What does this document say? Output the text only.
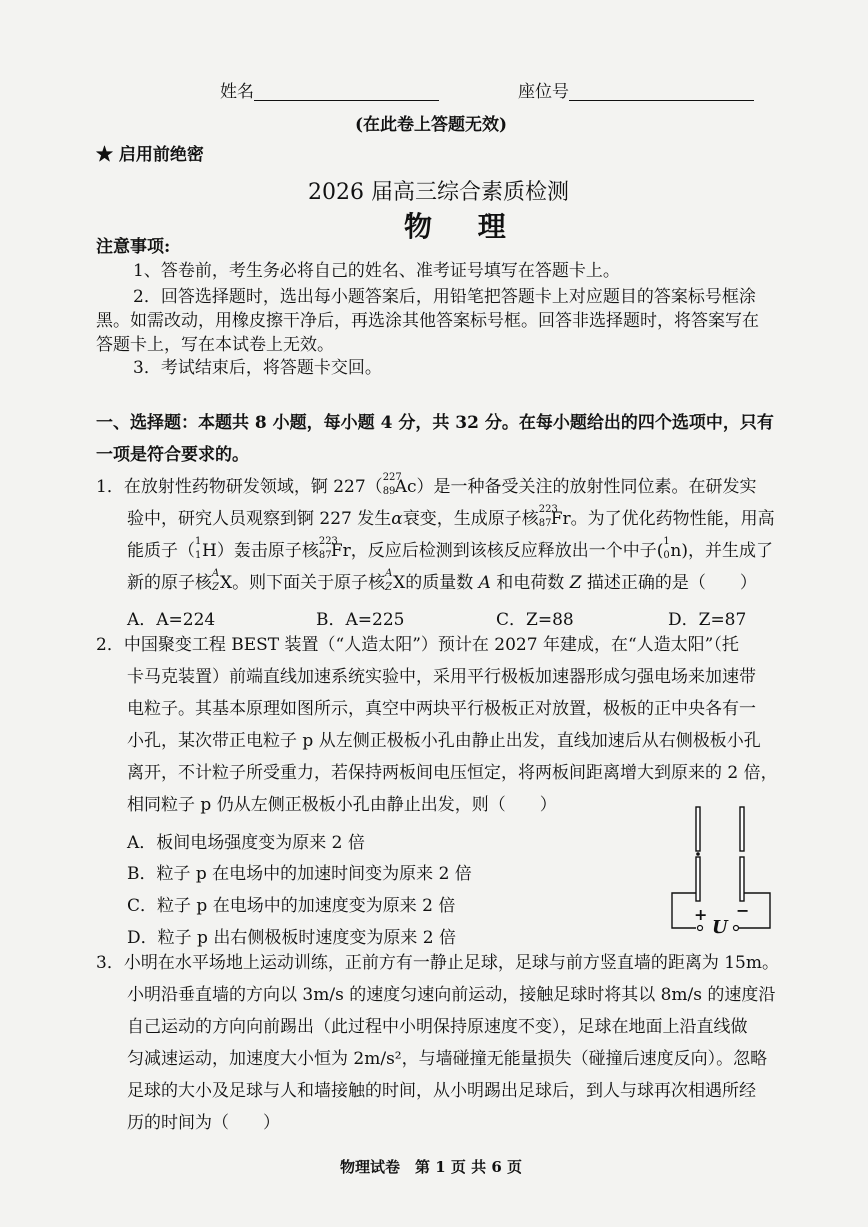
姓名	座位号
(在此卷上答题无效)
★ 启用前绝密
2026 届高三综合素质检测
物 理
注意事项:
1、答卷前，考生务必将自己的姓名、准考证号填写在答题卡上。
2．回答选择题时，选出每小题答案后，用铅笔把答题卡上对应题目的答案标号框涂
黑。如需改动，用橡皮擦干净后，再选涂其他答案标号框。回答非选择题时，将答案写在
答题卡上，写在本试卷上无效。
3．考试结束后，将答题卡交回。
一、选择题：本题共 8 小题，每小题 4 分，共 32 分。在每小题给出的四个选项中，只有
一项是符合要求的。
1．在放射性药物研发领域，锕 227（ 227
89 Ac）是一种备受关注的放射性同位素。在研发实
验中，研究人员观察到锕 227 发生α衰变，生成原子核 223
87 Fr。为了优化药物性能，用高
能质子（ 1
1 H）轰击原子核 223
87 Fr，反应后检测到该核反应释放出一个中子( 1
0 n)，并生成了
新的原子核 A
Z X。则下面关于原子核 A
Z X的质量数 A 和电荷数 Z 描述正确的是（　　）
A．A=224	B．A=225	C．Z=88	D．Z=87
2．中国聚变工程 BEST 装置（“人造太阳”）预计在 2027 年建成，在“人造太阳”（托
卡马克装置）前端直线加速系统实验中，采用平行极板加速器形成匀强电场来加速带
电粒子。其基本原理如图所示，真空中两块平行极板正对放置，极板的正中央各有一
小孔，某次带正电粒子 p 从左侧正极板小孔由静止出发，直线加速后从右侧极板小孔
离开，不计粒子所受重力，若保持两板间电压恒定，将两板间距离增大到原来的 2 倍，
相同粒子 p 仍从左侧正极板小孔由静止出发，则（　　）
A．板间电场强度变为原来 2 倍
B．粒子 p 在电场中的加速时间变为原来 2 倍
C．粒子 p 在电场中的加速度变为原来 2 倍
D．粒子 p 出右侧极板时速度变为原来 2 倍
+ −
U
3．小明在水平场地上运动训练，正前方有一静止足球，足球与前方竖直墙的距离为 15m。
小明沿垂直墙的方向以 3m/s 的速度匀速向前运动，接触足球时将其以 8m/s 的速度沿
自己运动的方向向前踢出（此过程中小明保持原速度不变），足球在地面上沿直线做
匀减速运动，加速度大小恒为 2m/s²，与墙碰撞无能量损失（碰撞后速度反向）。忽略
足球的大小及足球与人和墙接触的时间，从小明踢出足球后，到人与球再次相遇所经
历的时间为（　　）
物理试卷　第 1 页 共 6 页
